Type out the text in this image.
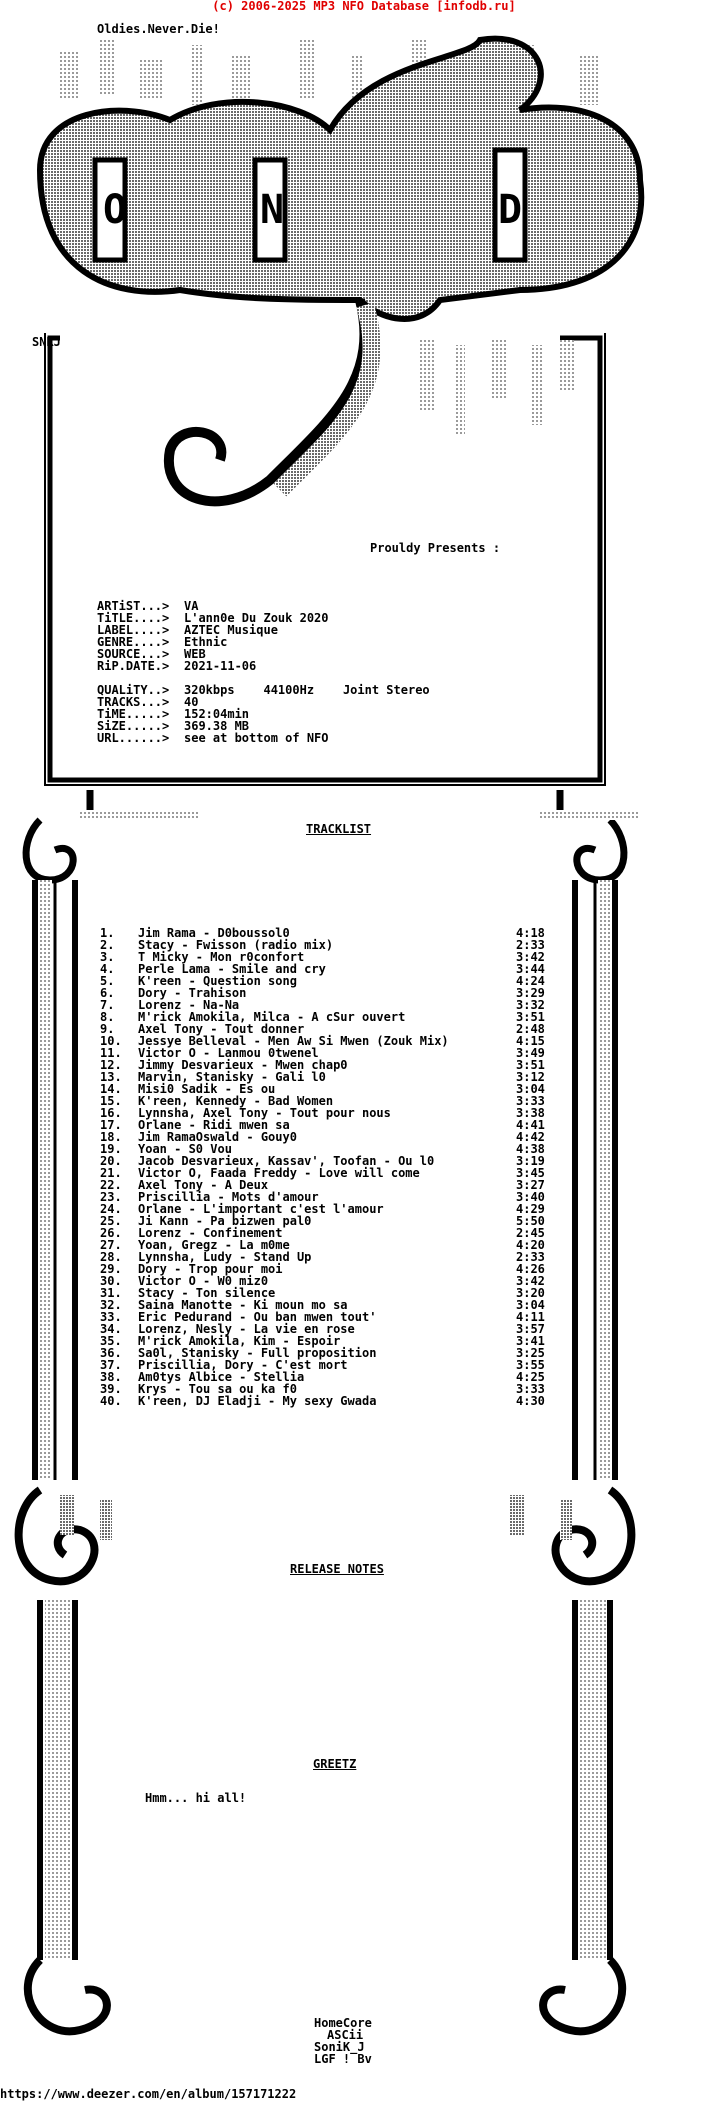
(c) 2006-2025 MP3 NFO Database [infodb.ru]
Oldies.Never.Die!
O	N	D
SNKJ
Prouldy Presents :

ARTiST...> VA

TiTLE....> L'ann0e Du Zouk 2020

LABEL....> AZTEC Musique

GENRE....> Ethnic

SOURCE...> WEB

RiP.DATE.> 2021-11-06

QUALiTY..> 320kbps    44100Hz    Joint Stereo

TRACKS...> 40

TiME.....> 152:04min

SiZE.....> 369.38 MB

URL......> see at bottom of NFO

TRACKLIST
1. Jim Rama - D0boussol0	4:18
2. Stacy - Fwisson (radio mix)	2:33
3. T Micky - Mon r0confort	3:42
4. Perle Lama - Smile and cry	3:44
5. K'reen - Question song	4:24
6. Dory - Trahison	3:29
7. Lorenz - Na-Na	3:32
8. M'rick Amokila, Milca - A cSur ouvert	3:51
9. Axel Tony - Tout donner	2:48
10. Jessye Belleval - Men Aw Si Mwen (Zouk Mix)	4:15
11. Victor O - Lanmou 0twenel	3:49
12. Jimmy Desvarieux - Mwen chap0	3:51
13. Marvin, Stanisky - Gali l0	3:12
14. Misi0 Sadik - Es ou	3:04
15. K'reen, Kennedy - Bad Women	3:33
16. Lynnsha, Axel Tony - Tout pour nous	3:38
17. Orlane - Ridi mwen sa	4:41
18. Jim RamaOswald - Gouy0	4:42
19. Yoan - S0 Vou	4:38
20. Jacob Desvarieux, Kassav', Toofan - Ou l0	3:19
21. Victor O, Faada Freddy - Love will come	3:45
22. Axel Tony - A Deux	3:27
23. Priscillia - Mots d'amour	3:40
24. Orlane - L'important c'est l'amour	4:29
25. Ji Kann - Pa bizwen pal0	5:50
26. Lorenz - Confinement	2:45
27. Yoan, Gregz - La m0me	4:20
28. Lynnsha, Ludy - Stand Up	2:33
29. Dory - Trop pour moi	4:26
30. Victor O - W0 miz0	3:42
31. Stacy - Ton silence	3:20
32. Saina Manotte - Ki moun mo sa	3:04
33. Eric Pedurand - Ou ban mwen tout'	4:11
34. Lorenz, Nesly - La vie en rose	3:57
35. M'rick Amokila, Kim - Espoir	3:41
36. Sa0l, Stanisky - Full proposition	3:25
37. Priscillia, Dory - C'est mort	3:55
38. Am0tys Albice - Stellia	4:25
39. Krys - Tou sa ou ka f0	3:33
40. K'reen, DJ Eladji - My sexy Gwada	4:30
RELEASE NOTES
GREETZ
Hmm... hi all!

HomeCore

ASCii

SoniK_J

LGF ! Bv

https://www.deezer.com/en/album/157171222
